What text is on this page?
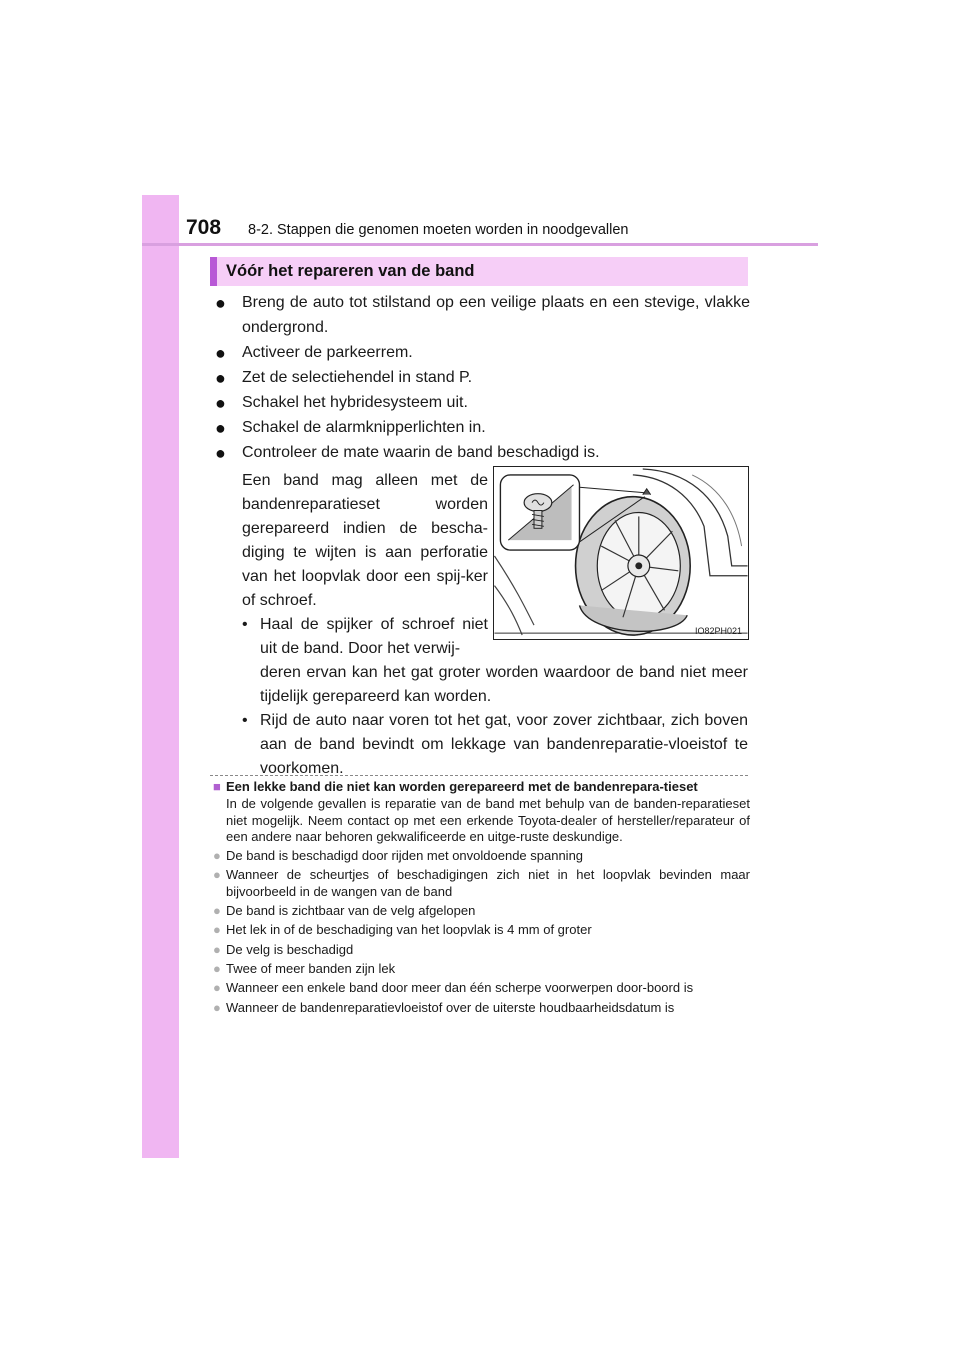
708 8-2. Stappen die genomen moeten worden in noodgevallen
Vóór het repareren van de band
● Breng de auto tot stilstand op een veilige plaats en een stevige, vlakke ondergrond.
● Activeer de parkeerrem.
● Zet de selectiehendel in stand P.
● Schakel het hybridesysteem uit.
● Schakel de alarmknipperlichten in.
● Controleer de mate waarin de band beschadigd is.
Een band mag alleen met de bandenreparatieset worden gerepareerd indien de bescha-diging te wijten is aan perforatie van het loopvlak door een spij-ker of schroef.
• Haal de spijker of schroef niet uit de band. Door het verwij-
deren ervan kan het gat groter worden waardoor de band niet meer tijdelijk gerepareerd kan worden.
• Rijd de auto naar voren tot het gat, voor zover zichtbaar, zich boven aan de band bevindt om lekkage van bandenreparatie-vloeistof te voorkomen.
IO82PH021
■ Een lekke band die niet kan worden gerepareerd met de bandenrepara-tieset
In de volgende gevallen is reparatie van de band met behulp van de banden-reparatieset niet mogelijk. Neem contact op met een erkende Toyota-dealer of hersteller/reparateur of een andere naar behoren gekwalificeerde en uitge-ruste deskundige.
● De band is beschadigd door rijden met onvoldoende spanning
● Wanneer de scheurtjes of beschadigingen zich niet in het loopvlak bevinden maar bijvoorbeeld in de wangen van de band
● De band is zichtbaar van de velg afgelopen
● Het lek in of de beschadiging van het loopvlak is 4 mm of groter
● De velg is beschadigd
● Twee of meer banden zijn lek
● Wanneer een enkele band door meer dan één scherpe voorwerpen door-boord is
● Wanneer de bandenreparatievloeistof over de uiterste houdbaarheidsdatum is
